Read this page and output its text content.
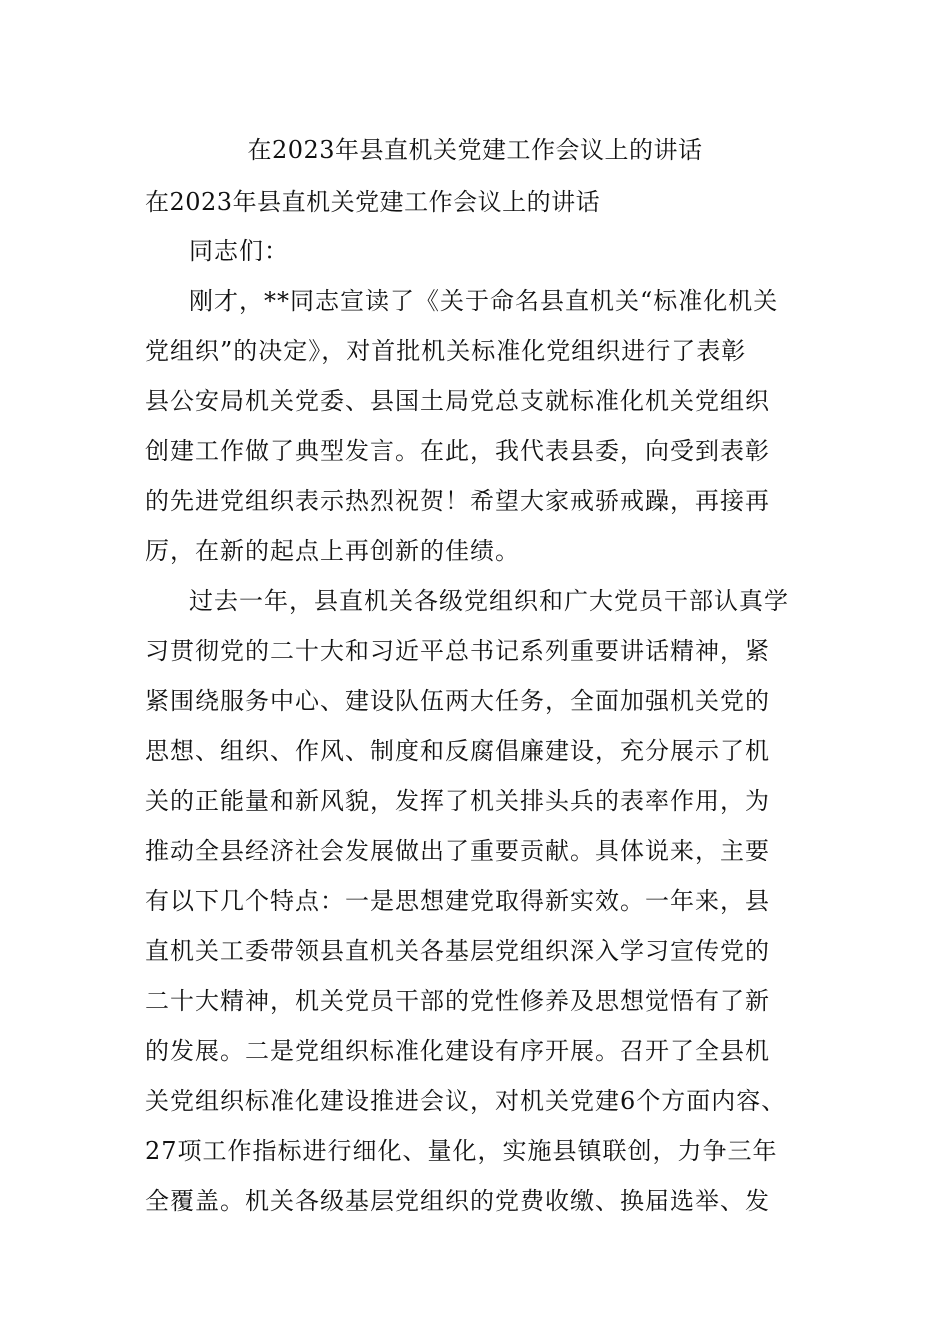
在2023年县直机关党建工作会议上的讲话
在2023年县直机关党建工作会议上的讲话
同志们：
刚才，**同志宣读了《关于命名县直机关“标准化机关
党组织”的决定》，对首批机关标准化党组织进行了表彰
县公安局机关党委、县国土局党总支就标准化机关党组织
创建工作做了典型发言。在此，我代表县委，向受到表彰
的先进党组织表示热烈祝贺！希望大家戒骄戒躁，再接再
厉，在新的起点上再创新的佳绩。
过去一年，县直机关各级党组织和广大党员干部认真学
习贯彻党的二十大和习近平总书记系列重要讲话精神，紧
紧围绕服务中心、建设队伍两大任务，全面加强机关党的
思想、组织、作风、制度和反腐倡廉建设，充分展示了机
关的正能量和新风貌，发挥了机关排头兵的表率作用，为
推动全县经济社会发展做出了重要贡献。具体说来，主要
有以下几个特点：一是思想建党取得新实效。一年来，县
直机关工委带领县直机关各基层党组织深入学习宣传党的
二十大精神，机关党员干部的党性修养及思想觉悟有了新
的发展。二是党组织标准化建设有序开展。召开了全县机
关党组织标准化建设推进会议，对机关党建6个方面内容、
27项工作指标进行细化、量化，实施县镇联创，力争三年
全覆盖。机关各级基层党组织的党费收缴、换届选举、发
